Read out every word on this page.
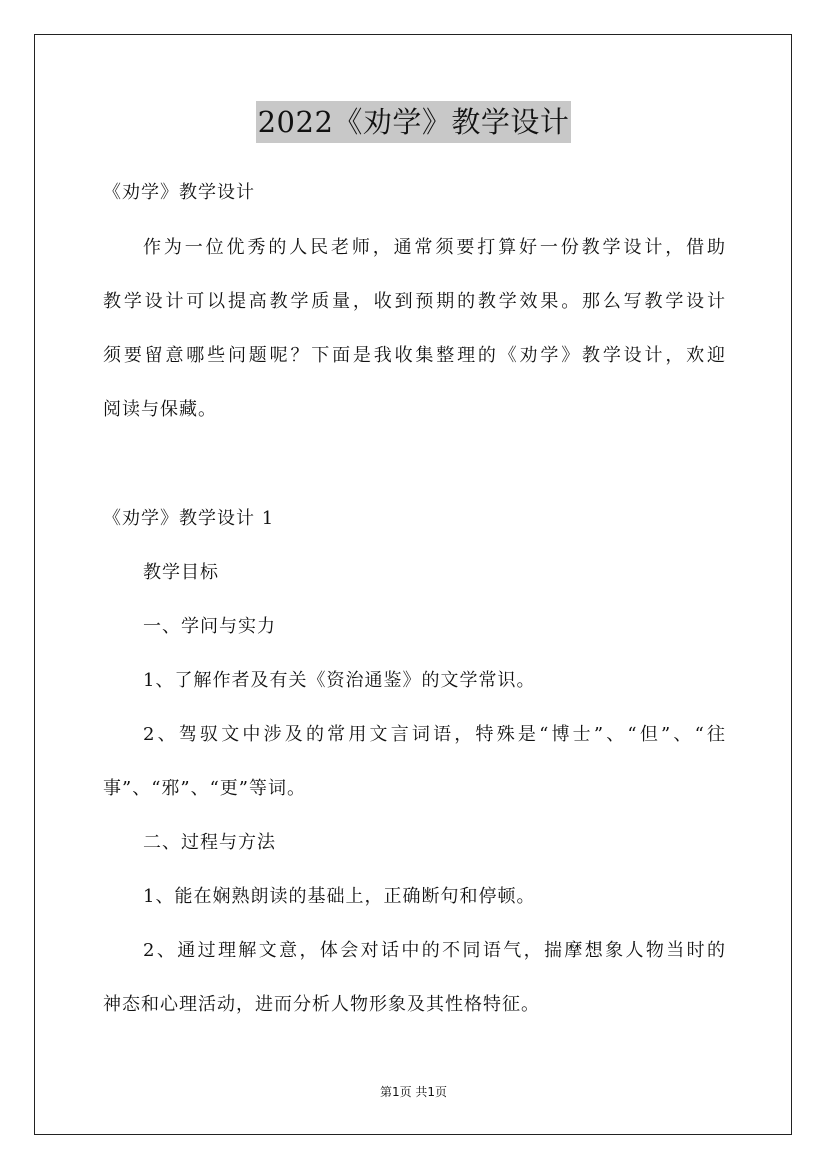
2022《劝学》教学设计
《劝学》教学设计
作为一位优秀的人民老师，通常须要打算好一份教学设计，借助
教学设计可以提高教学质量，收到预期的教学效果。那么写教学设计
须要留意哪些问题呢？下面是我收集整理的《劝学》教学设计，欢迎
阅读与保藏。
《劝学》教学设计 1
教学目标
一、学问与实力
1、了解作者及有关《资治通鉴》的文学常识。
2、驾驭文中涉及的常用文言词语，特殊是“博士”、“但”、“往
事”、“邪”、“更”等词。
二、过程与方法
1、能在娴熟朗读的基础上，正确断句和停顿。
2、通过理解文意，体会对话中的不同语气，揣摩想象人物当时的
神态和心理活动，进而分析人物形象及其性格特征。
第1页 共1页
